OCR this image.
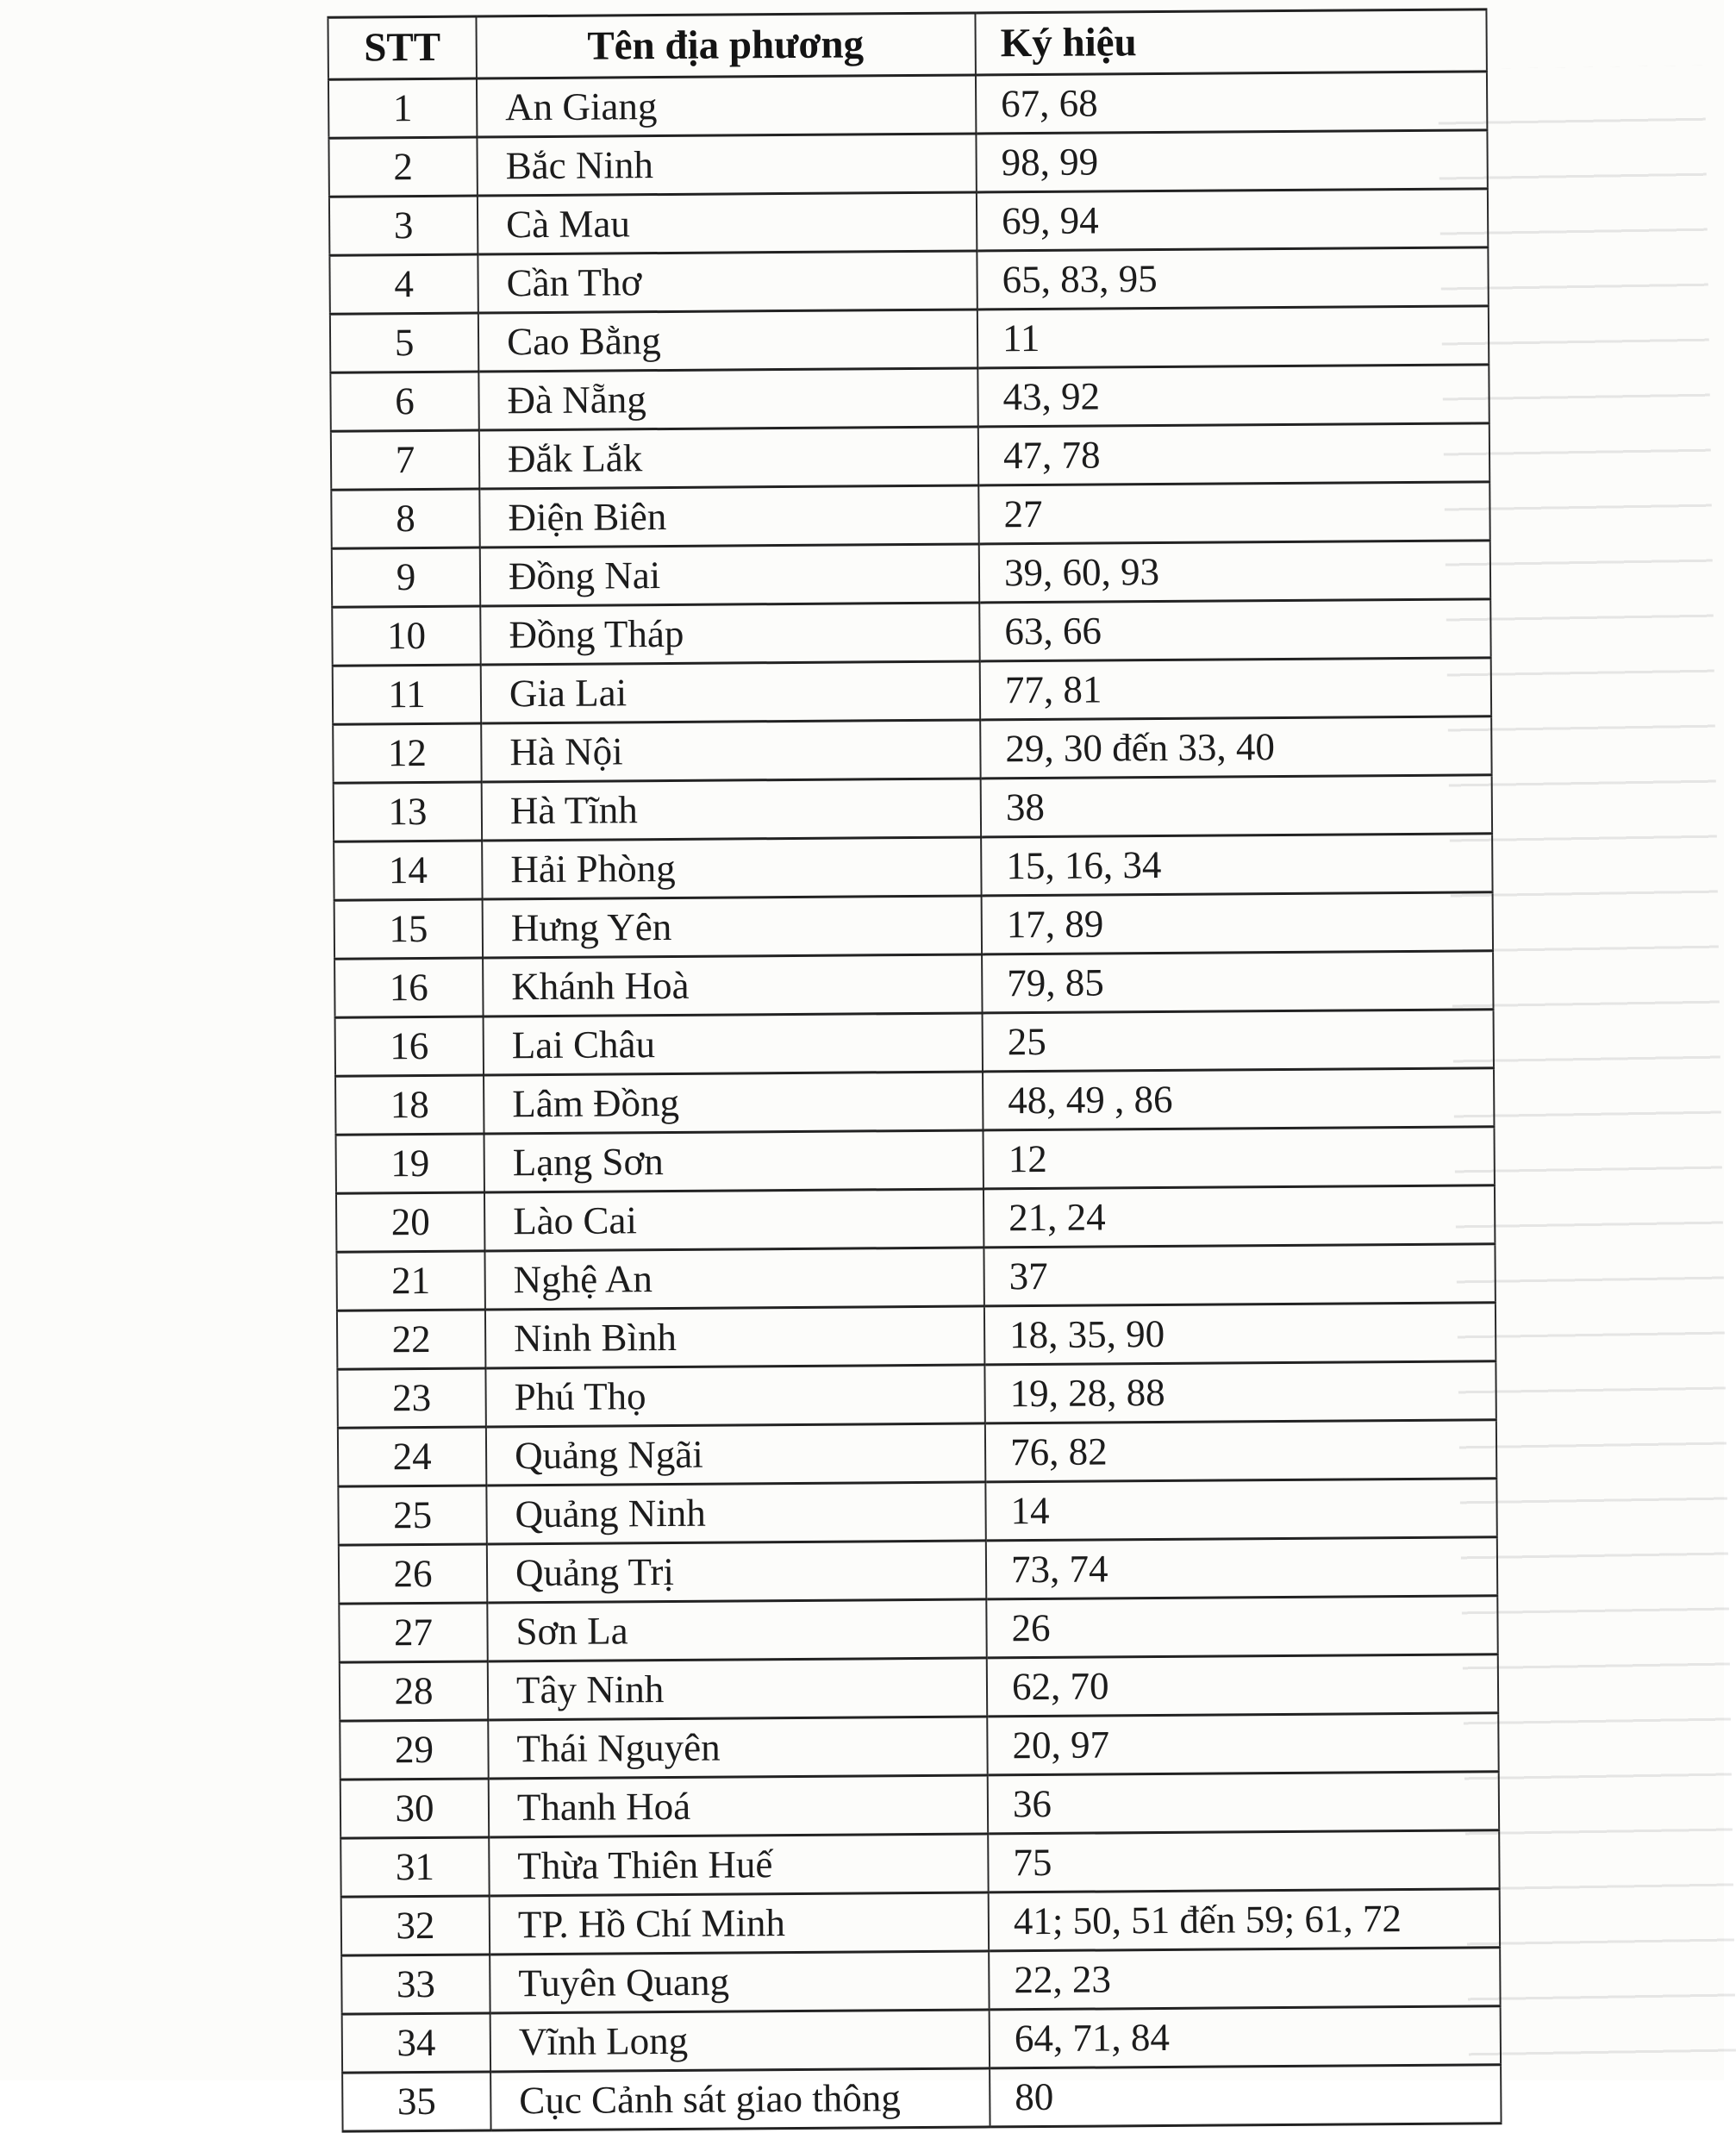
STT	Tên địa phương	Ký hiệu
1	An Giang	67, 68
2	Bắc Ninh	98, 99
3	Cà Mau	69, 94
4	Cần Thơ	65, 83, 95
5	Cao Bằng	11
6	Đà Nẵng	43, 92
7	Đắk Lắk	47, 78
8	Điện Biên	27
9	Đồng Nai	39, 60, 93
10	Đồng Tháp	63, 66
11	Gia Lai	77, 81
12	Hà Nội	29, 30 đến 33, 40
13	Hà Tĩnh	38
14	Hải Phòng	15, 16, 34
15	Hưng Yên	17, 89
16	Khánh Hoà	79, 85
16	Lai Châu	25
18	Lâm Đồng	48, 49 , 86
19	Lạng Sơn	12
20	Lào Cai	21, 24
21	Nghệ An	37
22	Ninh Bình	18, 35, 90
23	Phú Thọ	19, 28, 88
24	Quảng Ngãi	76, 82
25	Quảng Ninh	14
26	Quảng Trị	73, 74
27	Sơn La	26
28	Tây Ninh	62, 70
29	Thái Nguyên	20, 97
30	Thanh Hoá	36
31	Thừa Thiên Huế	75
32	TP. Hồ Chí Minh	41; 50, 51 đến 59; 61, 72
33	Tuyên Quang	22, 23
34	Vĩnh Long	64, 71, 84
35	Cục Cảnh sát giao thông	80
